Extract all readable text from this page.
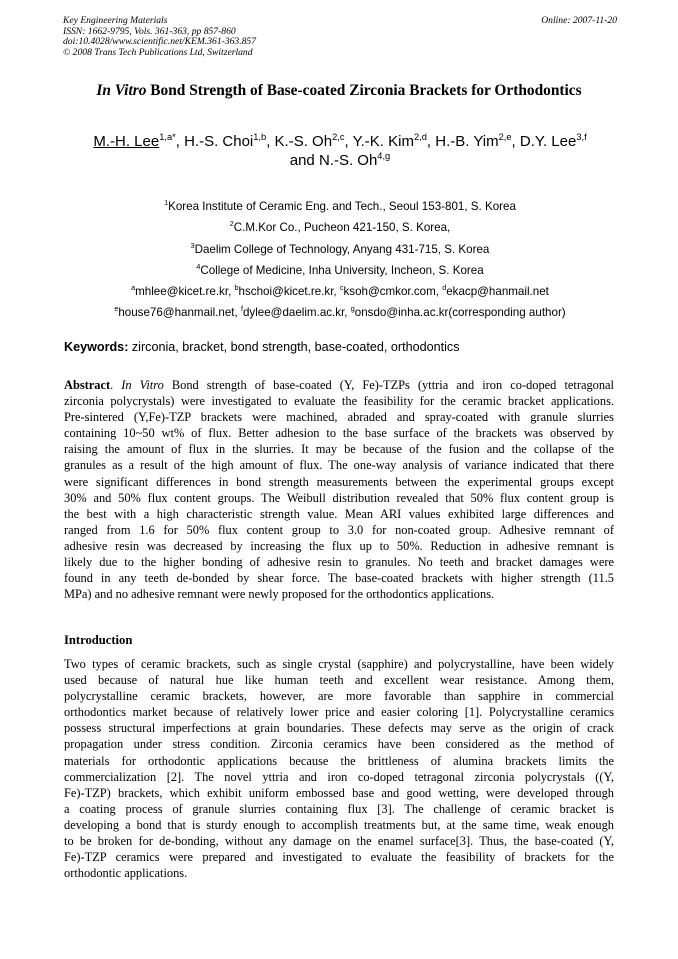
Key Engineering Materials	Online: 2007-11-20
ISSN: 1662-9795, Vols. 361-363, pp 857-860
doi:10.4028/www.scientific.net/KEM.361-363.857
© 2008 Trans Tech Publications Ltd, Switzerland
In Vitro Bond Strength of Base-coated Zirconia Brackets for Orthodontics
M.-H. Lee$^{1,a*}$, H.-S. Choi$^{1,b}$, K.-S. Oh$^{2,c}$, Y.-K. Kim$^{2,d}$, H.-B. Yim$^{2,e}$, D.Y. Lee$^{3,f}$
and N.-S. Oh$^{4,g}$
$^1$Korea Institute of Ceramic Eng. and Tech., Seoul 153-801, S. Korea
$^2$C.M.Kor Co., Pucheon 421-150, S. Korea,
$^3$Daelim College of Technology, Anyang 431-715, S. Korea
$^4$College of Medicine, Inha University, Incheon, S. Korea
$^a$mhlee@kicet.re.kr, $^b$hschoi@kicet.re.kr, $^c$ksoh@cmkor.com, $^d$ekacp@hanmail.net
$^e$house76@hanmail.net, $^f$dylee@daelim.ac.kr, $^g$onsdo@inha.ac.kr(corresponding author)
Keywords: zirconia, bracket, bond strength, base-coated, orthodontics
Abstract. In Vitro Bond strength of base-coated (Y, Fe)-TZPs (yttria and iron co-doped tetragonal
zirconia polycrystals) were investigated to evaluate the feasibility for the ceramic bracket applications.
Pre-sintered (Y,Fe)-TZP brackets were machined, abraded and spray-coated with granule slurries
containing 10~50 wt% of flux. Better adhesion to the base surface of the brackets was observed by
raising the amount of flux in the slurries. It may be because of the fusion and the collapse of the
granules as a result of the high amount of flux. The one-way analysis of variance indicated that there
were significant differences in bond strength measurements between the experimental groups except
30% and 50% flux content groups. The Weibull distribution revealed that 50% flux content group is
the best with a high characteristic strength value. Mean ARI values exhibited large differences and
ranged from 1.6 for 50% flux content group to 3.0 for non-coated group. Adhesive remnant of
adhesive resin was decreased by increasing the flux up to 50%. Reduction in adhesive remnant is
likely due to the higher bonding of adhesive resin to granules. No teeth and bracket damages were
found in any teeth de-bonded by shear force. The base-coated brackets with higher strength (11.5
MPa) and no adhesive remnant were newly proposed for the orthodontics applications.
Introduction
Two types of ceramic brackets, such as single crystal (sapphire) and polycrystalline, have been widely
used because of natural hue like human teeth and excellent wear resistance. Among them,
polycrystalline ceramic brackets, however, are more favorable than sapphire in commercial
orthodontics market because of relatively lower price and easier coloring [1]. Polycrystalline ceramics
possess structural imperfections at grain boundaries. These defects may serve as the origin of crack
propagation under stress condition. Zirconia ceramics have been considered as the method of
materials for orthodontic applications because the brittleness of alumina brackets limits the
commercialization [2]. The novel yttria and iron co-doped tetragonal zirconia polycrystals ((Y,
Fe)-TZP) brackets, which exhibit uniform embossed base and good wetting, were developed through
a coating process of granule slurries containing flux [3]. The challenge of ceramic bracket is
developing a bond that is sturdy enough to accomplish treatments but, at the same time, weak enough
to be broken for de-bonding, without any damage on the enamel surface[3]. Thus, the base-coated (Y,
Fe)-TZP ceramics were prepared and investigated to evaluate the feasibility of brackets for the
orthodontic applications.
